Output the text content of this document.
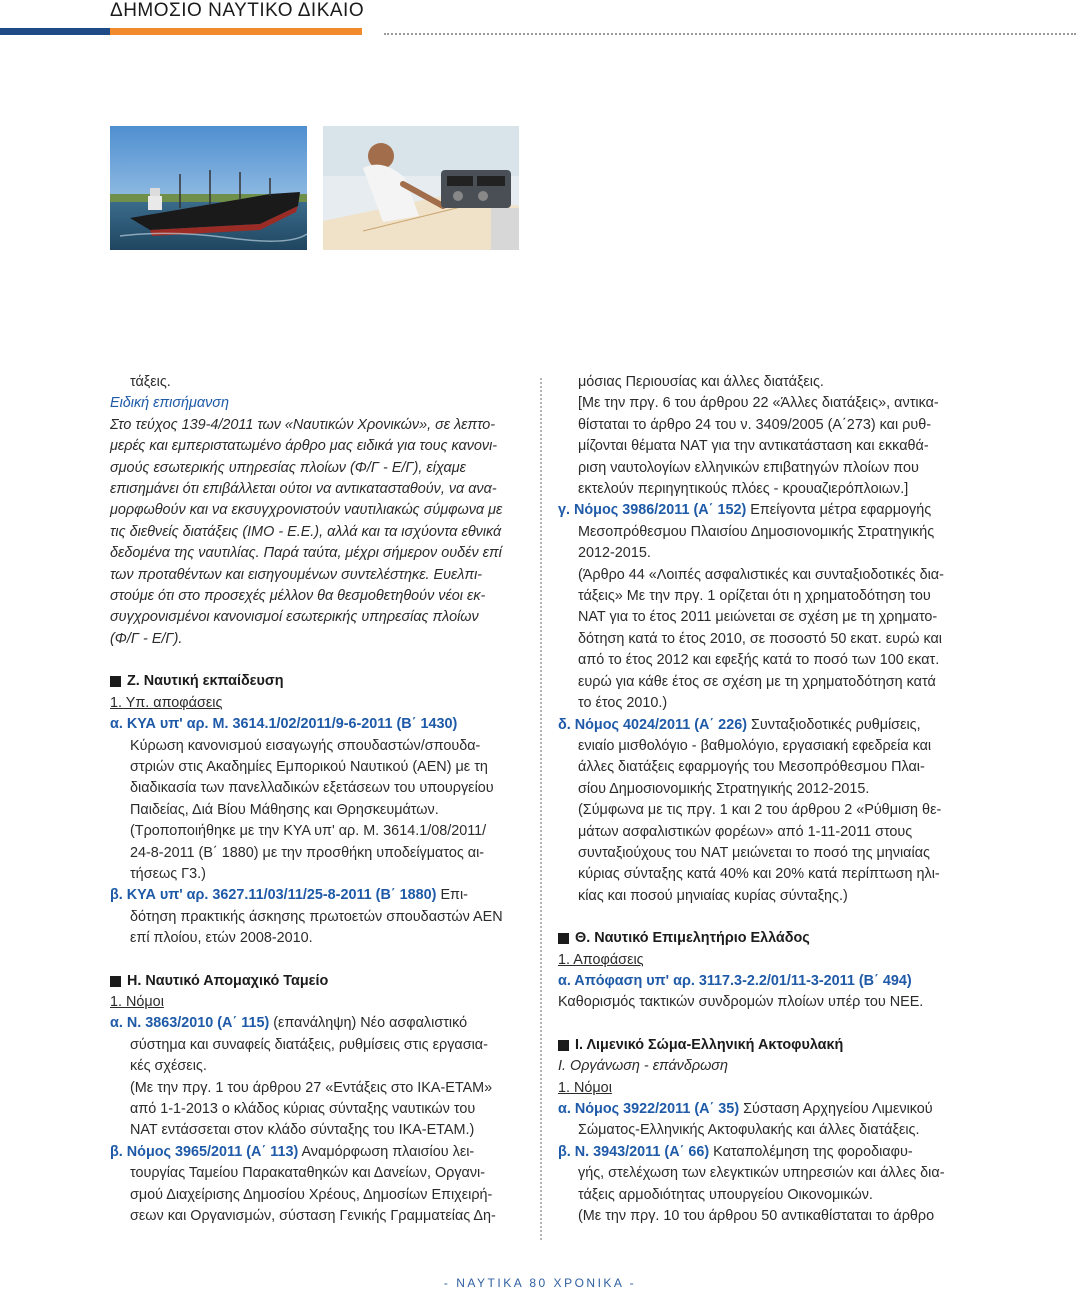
ΔΗΜΟΣΙΟ ΝΑΥΤΙΚΟ ΔΙΚΑΙΟ
τάξεις.
Ειδική επισήμανση
Στο τεύχος 139-4/2011 των «Ναυτικών Χρονικών», σε λεπτο-
μερές και εμπεριστατωμένο άρθρο μας ειδικά για τους κανονι-
σμούς εσωτερικής υπηρεσίας πλοίων (Φ/Γ - Ε/Γ), είχαμε
επισημάνει ότι επιβάλλεται ούτοι να αντικατασταθούν, να ανα-
μορφωθούν και να εκσυγχρονιστούν ναυτιλιακώς σύμφωνα με
τις διεθνείς διατάξεις (ΙΜΟ - Ε.Ε.), αλλά και τα ισχύοντα εθνικά
δεδομένα της ναυτιλίας. Παρά ταύτα, μέχρι σήμερον ουδέν επί
των προταθέντων και εισηγουμένων συντελέστηκε. Ευελπι-
στούμε ότι στο προσεχές μέλλον θα θεσμοθετηθούν νέοι εκ-
συγχρονισμένοι κανονισμοί εσωτερικής υπηρεσίας πλοίων
(Φ/Γ - Ε/Γ).
Ζ. Ναυτική εκπαίδευση
1. Υπ. αποφάσεις
α. ΚΥΑ υπ' αρ. Μ. 3614.1/02/2011/9-6-2011 (Β΄ 1430)
Κύρωση κανονισμού εισαγωγής σπουδαστών/σπουδα-
στριών στις Ακαδημίες Εμπορικού Ναυτικού (ΑΕΝ) με τη
διαδικασία των πανελλαδικών εξετάσεων του υπουργείου
Παιδείας, Διά Βίου Μάθησης και Θρησκευμάτων.
(Τροποποιήθηκε με την ΚΥΑ υπ' αρ. Μ. 3614.1/08/2011/
24-8-2011 (Β΄ 1880) με την προσθήκη υποδείγματος αι-
τήσεως Γ3.)
β. ΚΥΑ υπ' αρ. 3627.11/03/11/25-8-2011 (Β΄ 1880) Επι-
δότηση πρακτικής άσκησης πρωτοετών σπουδαστών ΑΕΝ
επί πλοίου, ετών 2008-2010.
Η. Ναυτικό Απομαχικό Ταμείο
1. Νόμοι
α. Ν. 3863/2010 (Α΄ 115) (επανάληψη) Νέο ασφαλιστικό
σύστημα και συναφείς διατάξεις, ρυθμίσεις στις εργασια-
κές σχέσεις.
(Με την πργ. 1 του άρθρου 27 «Εντάξεις στο ΙΚΑ-ΕΤΑΜ»
από 1-1-2013 ο κλάδος κύριας σύνταξης ναυτικών του
ΝΑΤ εντάσσεται στον κλάδο σύνταξης του ΙΚΑ-ΕΤΑΜ.)
β. Νόμος 3965/2011 (Α΄ 113) Αναμόρφωση πλαισίου λει-
τουργίας Ταμείου Παρακαταθηκών και Δανείων, Οργανι-
σμού Διαχείρισης Δημοσίου Χρέους, Δημοσίων Επιχειρή-
σεων και Οργανισμών, σύσταση Γενικής Γραμματείας Δη-
μόσιας Περιουσίας και άλλες διατάξεις.
[Με την πργ. 6 του άρθρου 22 «Άλλες διατάξεις», αντικα-
θίσταται το άρθρο 24 του ν. 3409/2005 (Α΄273) και ρυθ-
μίζονται θέματα ΝΑΤ για την αντικατάσταση και εκκαθά-
ριση ναυτολογίων ελληνικών επιβατηγών πλοίων που
εκτελούν περιηγητικούς πλόες - κρουαζιερόπλοιων.]
γ. Νόμος 3986/2011 (Α΄ 152) Επείγοντα μέτρα εφαρμογής
Μεσοπρόθεσμου Πλαισίου Δημοσιονομικής Στρατηγικής
2012-2015.
(Άρθρο 44 «Λοιπές ασφαλιστικές και συνταξιοδοτικές δια-
τάξεις» Με την πργ. 1 ορίζεται ότι η χρηματοδότηση του
ΝΑΤ για το έτος 2011 μειώνεται σε σχέση με τη χρηματο-
δότηση κατά το έτος 2010, σε ποσοστό 50 εκατ. ευρώ και
από το έτος 2012 και εφεξής κατά το ποσό των 100 εκατ.
ευρώ για κάθε έτος σε σχέση με τη χρηματοδότηση κατά
το έτος 2010.)
δ. Νόμος 4024/2011 (Α΄ 226) Συνταξιοδοτικές ρυθμίσεις,
ενιαίο μισθολόγιο - βαθμολόγιο, εργασιακή εφεδρεία και
άλλες διατάξεις εφαρμογής του Μεσοπρόθεσμου Πλαι-
σίου Δημοσιονομικής Στρατηγικής 2012-2015.
(Σύμφωνα με τις πργ. 1 και 2 του άρθρου 2 «Ρύθμιση θε-
μάτων ασφαλιστικών φορέων» από 1-11-2011 στους
συνταξιούχους του ΝΑΤ μειώνεται το ποσό της μηνιαίας
κύριας σύνταξης κατά 40% και 20% κατά περίπτωση ηλι-
κίας και ποσού μηνιαίας κυρίας σύνταξης.)
Θ. Ναυτικό Επιμελητήριο Ελλάδος
1. Αποφάσεις
α. Απόφαση υπ' αρ. 3117.3-2.2/01/11-3-2011 (Β΄ 494)
Καθορισμός τακτικών συνδρομών πλοίων υπέρ του ΝΕΕ.
Ι. Λιμενικό Σώμα-Ελληνική Ακτοφυλακή
Ι. Οργάνωση - επάνδρωση
1. Νόμοι
α. Νόμος 3922/2011 (Α΄ 35) Σύσταση Αρχηγείου Λιμενικού
Σώματος-Ελληνικής Ακτοφυλακής και άλλες διατάξεις.
β. Ν. 3943/2011 (Α΄ 66) Καταπολέμηση της φοροδιαφυ-
γής, στελέχωση των ελεγκτικών υπηρεσιών και άλλες δια-
τάξεις αρμοδιότητας υπουργείου Οικονομικών.
(Με την πργ. 10 του άρθρου 50 αντικαθίσταται το άρθρο
- ΝΑΥΤΙΚΑ 80 ΧΡΟΝΙΚΑ -
